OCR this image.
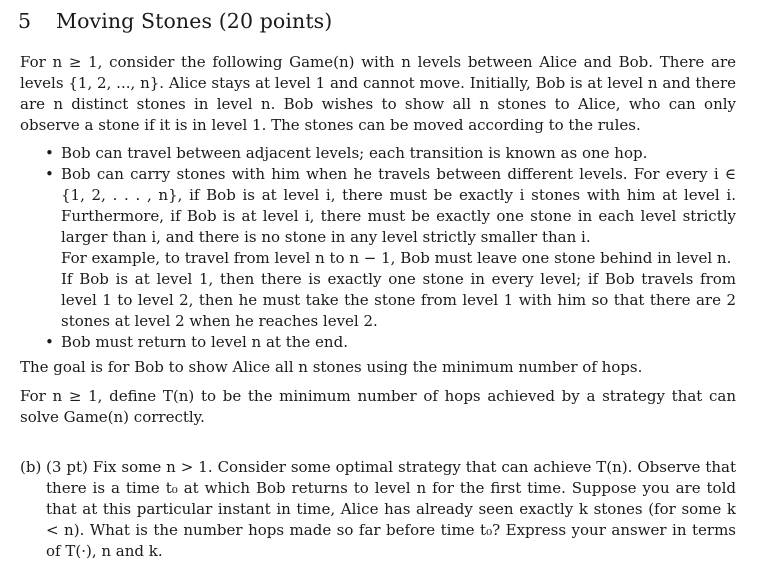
5 Moving Stones (20 points)

For n ≥ 1, consider the following Game(n) with n levels between Alice and Bob. There are levels {1, 2, ..., n}. Alice stays at level 1 and cannot move. Initially, Bob is at level n and there are n distinct stones in level n. Bob wishes to show all n stones to Alice, who can only observe a stone if it is in level 1. The stones can be moved according to the rules.

• Bob can travel between adjacent levels; each transition is known as one hop.
• Bob can carry stones with him when he travels between different levels. For every i ∈ {1, 2, . . . , n}, if Bob is at level i, there must be exactly i stones with him at level i. Furthermore, if Bob is at level i, there must be exactly one stone in each level strictly larger than i, and there is no stone in any level strictly smaller than i.
For example, to travel from level n to n − 1, Bob must leave one stone behind in level n.
If Bob is at level 1, then there is exactly one stone in every level; if Bob travels from level 1 to level 2, then he must take the stone from level 1 with him so that there are 2 stones at level 2 when he reaches level 2.
• Bob must return to level n at the end.

The goal is for Bob to show Alice all n stones using the minimum number of hops.

For n ≥ 1, define T(n) to be the minimum number of hops achieved by a strategy that can solve Game(n) correctly.

(b) (3 pt) Fix some n > 1. Consider some optimal strategy that can achieve T(n). Observe that there is a time t₀ at which Bob returns to level n for the first time. Suppose you are told that at this particular instant in time, Alice has already seen exactly k stones (for some k < n). What is the number hops made so far before time t₀? Express your answer in terms of T(·), n and k.
